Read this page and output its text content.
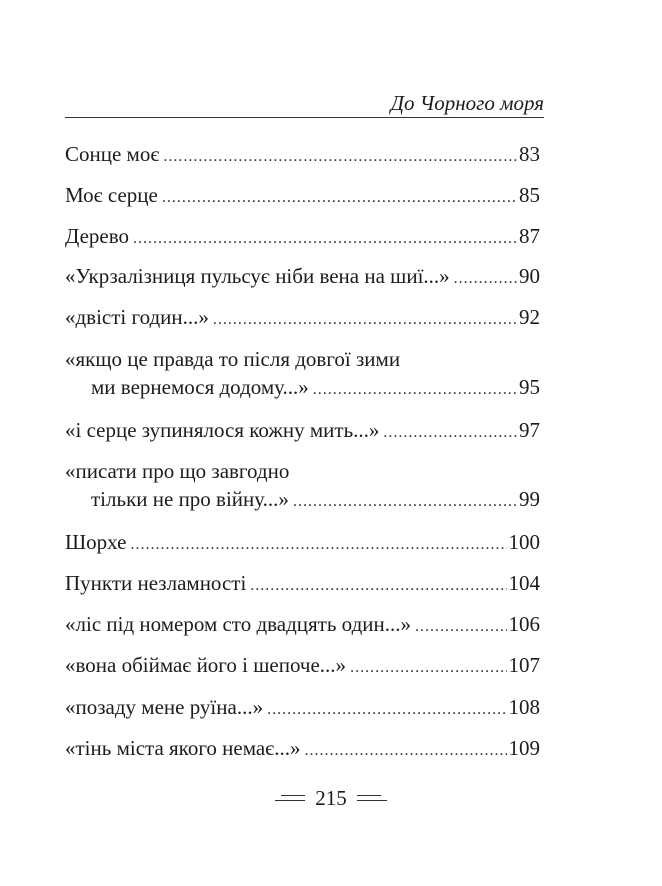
До Чорного моря
Сонце моє .....	83
Моє серце .....	85
Дерево .....	87
«Укрзалізниця пульсує ніби вена на шиї...» .....	90
«двісті годин...» .....	92
«якщо це правда то після довгої зими
ми вернемося додому...» .....	95
«і серце зупинялося кожну мить...» .....	97
«писати про що завгодно
тільки не про війну...» .....	99
Шорхе .....	100
Пункти незламності .....	104
«ліс під номером сто двадцять один...» .....	106
«вона обіймає його і шепоче...» .....	107
«позаду мене руїна...» .....	108
«тінь міста якого немає...» .....	109
215
